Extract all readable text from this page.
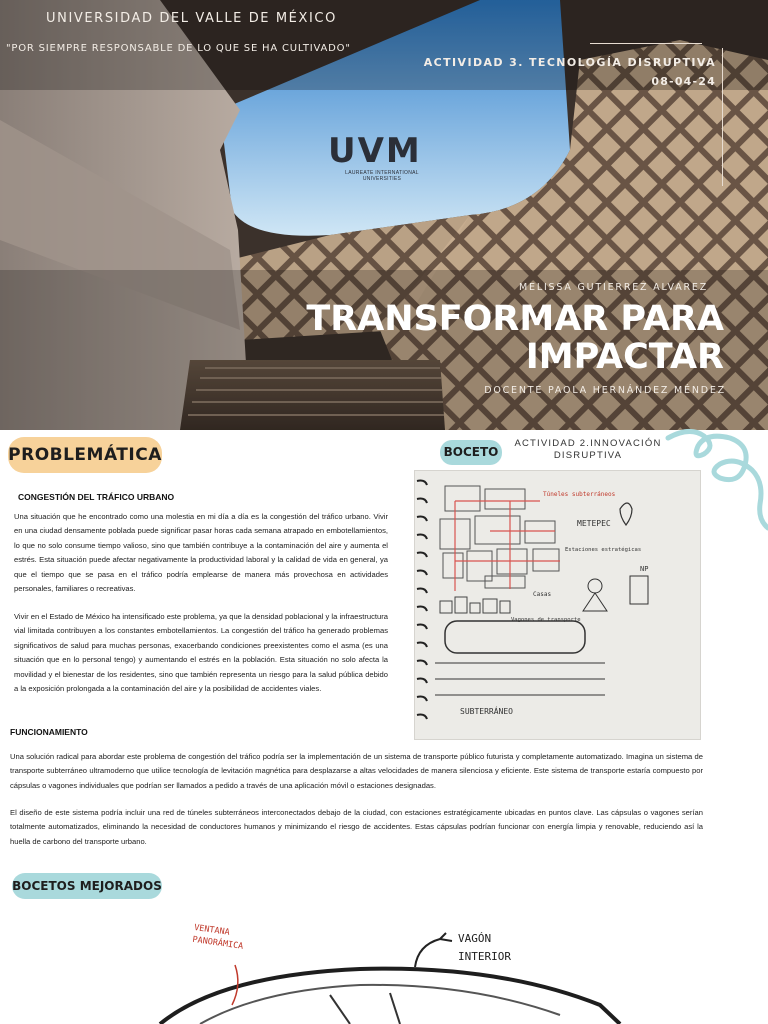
UNIVERSIDAD DEL VALLE DE MÉXICO
"POR SIEMPRE RESPONSABLE DE LO QUE SE HA CULTIVADO"
ACTIVIDAD 3. TECNOLOGÍA DISRUPTIVA
08-04-24
UVM
LAUREATE INTERNATIONAL UNIVERSITIES
MELISSA GUTIERREZ ALVAREZ
TRANSFORMAR PARA IMPACTAR
DOCENTE PAOLA HERNÁNDEZ MÉNDEZ
PROBLEMÁTICA
CONGESTIÓN DEL TRÁFICO URBANO
Una situación que he encontrado como una molestia en mi día a día es la congestión del tráfico urbano. Vivir en una ciudad densamente poblada puede significar pasar horas cada semana atrapado en embotellamientos, lo que no solo consume tiempo valioso, sino que también contribuye a la contaminación del aire y aumenta el estrés. Esta situación puede afectar negativamente la productividad laboral y la calidad de vida en general, ya que el tiempo que se pasa en el tráfico podría emplearse de manera más provechosa en actividades personales, familiares o recreativas.
Vivir en el Estado de México ha intensificado este problema, ya que la densidad poblacional y la infraestructura vial limitada contribuyen a los constantes embotellamientos. La congestión del tráfico ha generado problemas significativos de salud para muchas personas, exacerbando condiciones preexistentes como el asma (es una situación que en lo personal tengo) y aumentando el estrés en la población. Esta situación no solo afecta la movilidad y el bienestar de los residentes, sino que también representa un riesgo para la salud pública debido a la exposición prolongada a la contaminación del aire y la posibilidad de accidentes viales.
BOCETO
ACTIVIDAD 2.INNOVACIÓN DISRUPTIVA
Túneles subterráneos
METEPEC
Estaciones estratégicas
Casas
Vagones de transporte
NP
SUBTERRÁNEO
FUNCIONAMIENTO
Una solución radical para abordar este problema de congestión del tráfico podría ser la implementación de un sistema de transporte público futurista y completamente automatizado. Imagina un sistema de transporte subterráneo ultramoderno que utilice tecnología de levitación magnética para desplazarse a altas velocidades de manera silenciosa y eficiente. Este sistema de transporte estaría compuesto por cápsulas o vagones individuales que podrían ser llamados a pedido a través de una aplicación móvil o estaciones designadas.
El diseño de este sistema podría incluir una red de túneles subterráneos interconectados debajo de la ciudad, con estaciones estratégicamente ubicadas en puntos clave. Las cápsulas o vagones serían totalmente automatizados, eliminando la necesidad de conductores humanos y minimizando el riesgo de accidentes. Estas cápsulas podrían funcionar con energía limpia y renovable, reduciendo así la huella de carbono del transporte urbano.
BOCETOS MEJORADOS
VENTANA PANORÁMICA	VAGÓN INTERIOR
